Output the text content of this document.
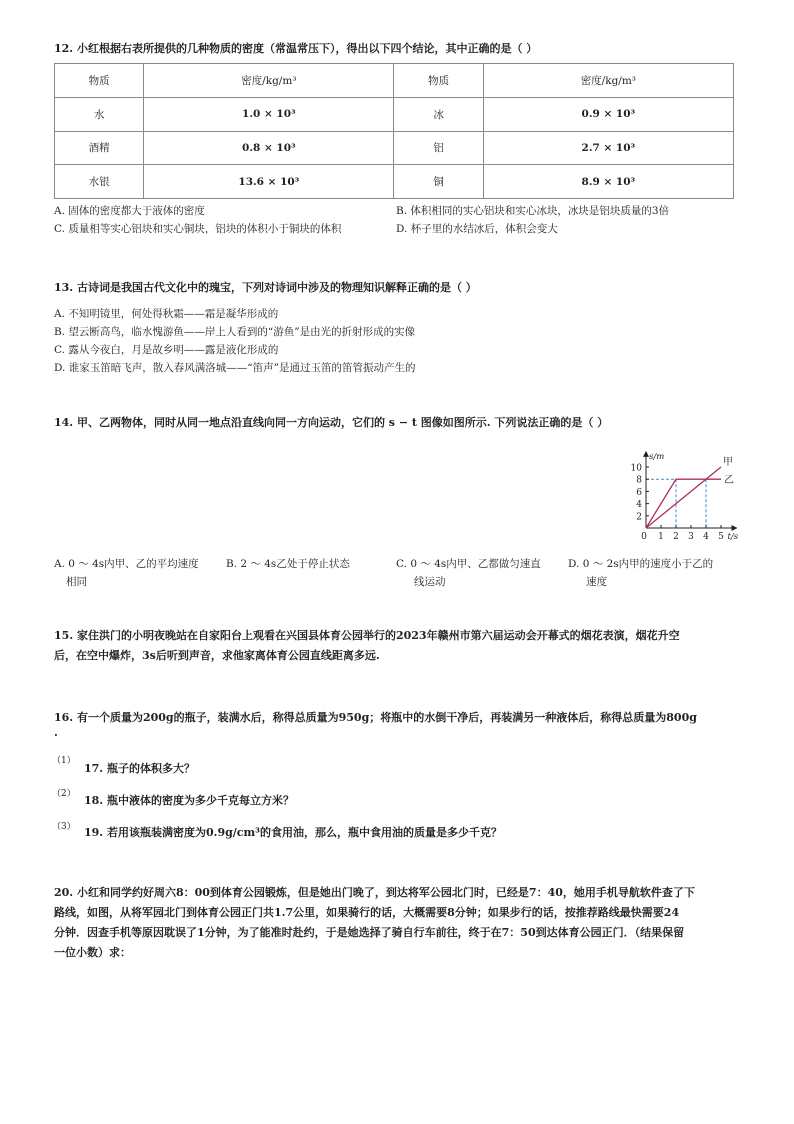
12. 小红根据右表所提供的几种物质的密度（常温常压下），得出以下四个结论，其中正确的是（ ）
物质	密度/kg/m³	物质	密度/kg/m³
水	1.0 × 10³	冰	0.9 × 10³
酒精	0.8 × 10³	铝	2.7 × 10³
水银	13.6 × 10³	铜	8.9 × 10³
A. 固体的密度都大于液体的密度	B. 体积相同的实心铝块和实心冰块，冰块是铝块质量的3倍
C. 质量相等实心铝块和实心铜块，铝块的体积小于铜块的体积	D. 杯子里的水结冰后，体积会变大
13. 古诗词是我国古代文化中的瑰宝，下列对诗词中涉及的物理知识解释正确的是（ ）
A. 不知明镜里，何处得秋霜——霜是凝华形成的
B. 望云断高鸟，临水愧游鱼——岸上人看到的“游鱼”是由光的折射形成的实像
C. 露从今夜白，月是故乡明——露是液化形成的
D. 谁家玉笛暗飞声，散入春风满洛城——“笛声”是通过玉笛的笛管振动产生的
14. 甲、乙两物体，同时从同一地点沿直线向同一方向运动，它们的 s − t 图像如图所示. 下列说法正确的是（ ）
2
4
6
8
10
0 1 2 3 4 5
s/m
t/s
甲
乙
A. 0 ～ 4s内甲、乙的平均速度
相同
B. 2 ～ 4s乙处于停止状态	C. 0 ～ 4s内甲、乙都做匀速直
线运动
D. 0 ～ 2s内甲的速度小于乙的
速度
15. 家住洪门的小明夜晚站在自家阳台上观看在兴国县体育公园举行的2023年赣州市第六届运动会开幕式的烟花表演，烟花升空
后，在空中爆炸，3s后听到声音，求他家离体育公园直线距离多远.
16. 有一个质量为200g的瓶子，装满水后，称得总质量为950g；将瓶中的水倒干净后，再装满另一种液体后，称得总质量为800g
.
（1）
17. 瓶子的体积多大？
（2） 18. 瓶中液体的密度为多少千克每立方米？
（3） 19. 若用该瓶装满密度为0.9g/cm³的食用油，那么，瓶中食用油的质量是多少千克？
20. 小红和同学约好周六8：00到体育公园锻炼，但是她出门晚了，到达将军公园北门时，已经是7：40，她用手机导航软件查了下
路线，如图，从将军园北门到体育公园正门共1.7公里，如果骑行的话，大概需要8分钟；如果步行的话，按推荐路线最快需要24
分钟．因查手机等原因耽误了1分钟，为了能准时赴约，于是她选择了骑自行车前往，终于在7：50到达体育公园正门．（结果保留
一位小数）求：
